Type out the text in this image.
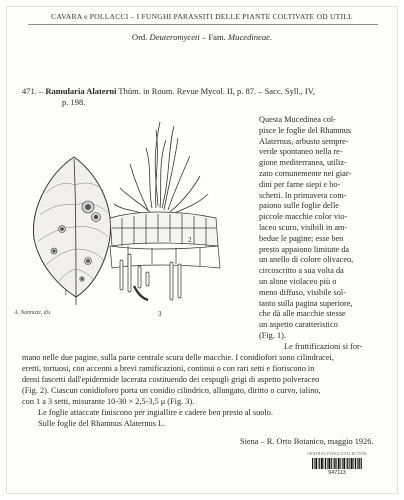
CAVARA e POLLACCI – I FUNGHI PARASSITI DELLE PIANTE COLTIVATE OD UTILI.
Ord. Deuteromyceti – Fam. Mucedineae.
471. – Ramularia Alaterni Thüm. in Roum. Revue Mycol. II, p. 87. – Sacc. Syll., IV,
p. 198.
1
2
3
A. Nannizzi, dis.
Questa Mucedinea col-
pisce le foglie del Rhamnus
Alaternus, arbusto sempre-
verde spontaneo nella re-
gione mediterranea, utiliz-
zato comunemente nei giar-
dini per farne siepi e bo-
schetti. In primavera com-
paiono sulle foglie delle
piccole macchie color vio-
laceo scuro, visibili in am-
bedue le pagine; esse ben
presto appaiono limitate da
un anello di colore olivaceo,
circoscritto a sua volta da
un alone violaceo più o
meno diffuso, visibile sol-
tanto sulla pagina superiore,
che dà alle macchie stesse
un aspetto caratteristico
(Fig. 1).
Le fruttificazioni si for-
mano nelle due pagine, sulla parte centrale scura delle macchie. I conidiofori sono cilindracei,
eretti, tortuosi, con accenni a brevi ramificazioni, continui o con rari setti e fioriscono in
densi fascetti dall'epidermide lacerata costituendo dei cespugli grigi di aspetto polveraceo
(Fig. 2). Ciascun conidioforo porta un conidio cilindrico, allungato, diritto o curvo, ialino,
con 1 a 3 setti, misurante 10-30 × 2,5-3,5 μ (Fig. 3).
Le foglie attaccate finiscono per ingiallire e cadere ben presto al suolo.
Sulle foglie del Rhamnus Alaternus L.
Siena – R. Orto Botanico, maggio 1926.
CENTRAL FUNGI COLLECTION
947113
